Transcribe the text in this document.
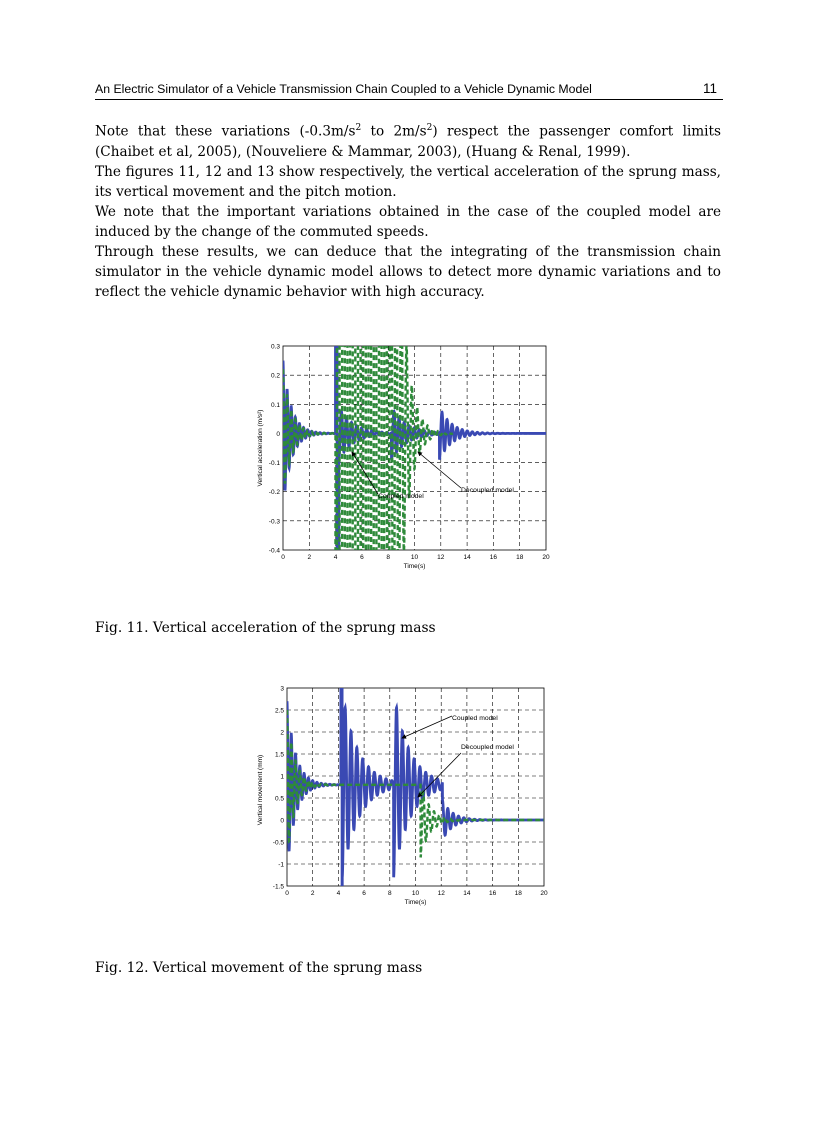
An Electric Simulator of a Vehicle Transmission Chain Coupled to a Vehicle Dynamic Model	11

Note that these variations ($-0.3m/s^2$ to $2m/s^2$) respect the passenger comfort limits (Chaibet et al, 2005), (Nouveliere & Mammar, 2003), (Huang & Renal, 1999).

The figures 11, 12 and 13 show respectively, the vertical acceleration of the sprung mass, its vertical movement and the pitch motion.

We note that the important variations obtained in the case of the coupled model are induced by the change of the commuted speeds.

Through these results, we can deduce that the integrating of the transmission chain simulator in the vehicle dynamic model allows to detect more dynamic variations and to reflect the vehicle dynamic behavior with high accuracy.

0	2	4	6	8	10	12	14	16	18	20
0.3
0.2
0.1
0
-0.1
-0.2
-0.3
-0.4
Time(s)
Vertical acceleration (m/s²)
Coupled model
Decoupled model
Fig. 11. Vertical acceleration of the sprung mass
0	2	4	6	8	10	12	14	16	18	20
3
2.5
2
1.5
1
0.5
0
-0.5
-1
-1.5
Time(s)
Vertical movement (mm)
Coupled model
Decoupled model
Fig. 12. Vertical movement of the sprung mass
